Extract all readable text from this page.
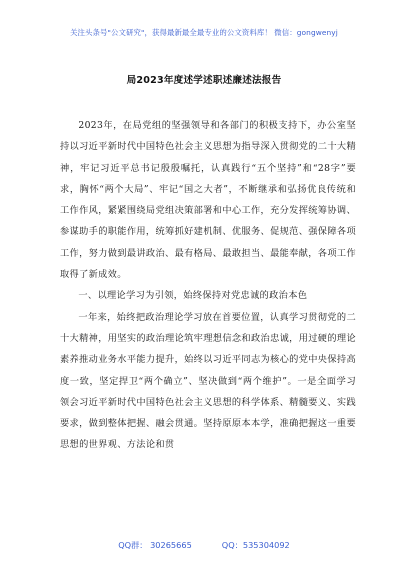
关注头条号"公文研究"，获得最新最全最专业的公文资料库！ 微信：gongwenyj
局2023年度述学述职述廉述法报告

2023年，在局党组的坚强领导和各部门的积极支持下，办公室坚持以习近平新时代中国特色社会主义思想为指导深入贯彻党的二十大精神，牢记习近平总书记殷殷嘱托，认真践行“五个坚持”和“28字”要求，胸怀“两个大局”、牢记“国之大者”，不断继承和弘扬优良传统和工作作风，紧紧围绕局党组决策部署和中心工作，充分发挥统筹协调、参谋助手的职能作用，统筹抓好建机制、优服务、促规范、强保障各项工作，努力做到最讲政治、最有格局、最敢担当、最能奉献，各项工作取得了新成效。

一、以理论学习为引领，始终保持对党忠诚的政治本色

一年来，始终把政治理论学习放在首要位置，认真学习贯彻党的二十大精神，用坚实的政治理论筑牢理想信念和政治忠诚，用过硬的理论素养推动业务水平能力提升，始终以习近平同志为核心的党中央保持高度一致，坚定捍卫“两个确立”、坚决做到“两个维护”。一是全面学习领会习近平新时代中国特色社会主义思想的科学体系、精髓要义、实践要求，做到整体把握、融会贯通。坚持原原本本学，准确把握这一重要思想的世界观、方法论和贯

QQ群： 30265665	QQ：535304092
